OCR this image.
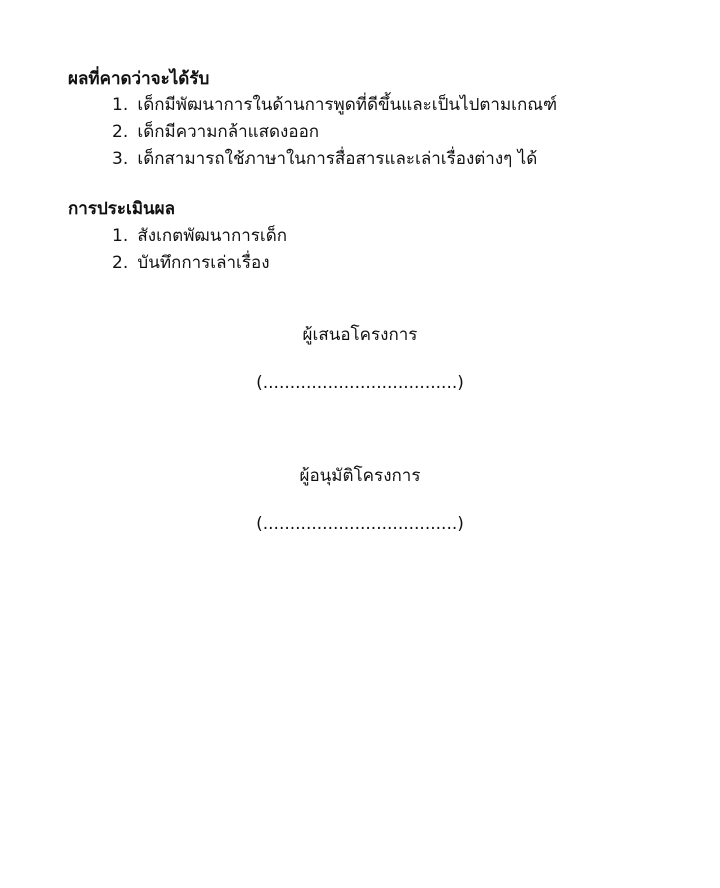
ผลที่คาดว่าจะได้รับ
1. เด็กมีพัฒนาการในด้านการพูดที่ดีขึ้นและเป็นไปตามเกณฑ์
2. เด็กมีความกล้าแสดงออก
3. เด็กสามารถใช้ภาษาในการสื่อสารและเล่าเรื่องต่างๆ ได้
การประเมินผล
1. สังเกตพัฒนาการเด็ก
2. บันทึกการเล่าเรื่อง
ผู้เสนอโครงการ
(....................................)
ผู้อนุมัติโครงการ
(....................................)
